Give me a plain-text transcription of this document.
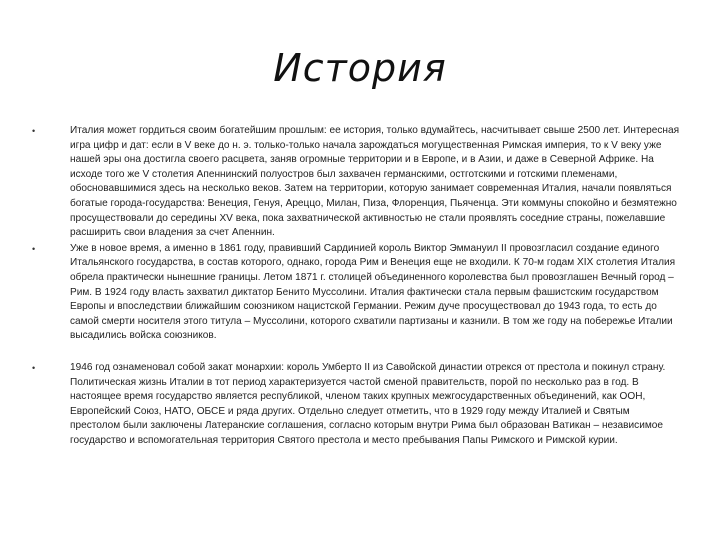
История
•	Италия может гордиться своим богатейшим прошлым: ее история, только вдумайтесь, насчитывает свыше 2500 лет. Интересная игра цифр и дат: если в V веке до н. э. только-только начала зарождаться могущественная Римская империя, то к V веку уже нашей эры она достигла своего расцвета, заняв огромные территории и в Европе, и в Азии, и даже в Северной Африке. На исходе того же V столетия Апеннинский полуостров был захвачен германскими, остготскими и готскими племенами, обосновавшимися здесь на несколько веков. Затем на территории, которую занимает современная Италия, начали появляться богатые города-государства: Венеция, Генуя, Ареццо, Милан, Пиза, Флоренция, Пьяченца. Эти коммуны спокойно и безмятежно просуществовали до середины XV века, пока захватнической активностью не стали проявлять соседние страны, пожелавшие расширить свои владения за счет Апеннин.
•	Уже в новое время, а именно в 1861 году, правивший Сардинией король Виктор Эммануил II провозгласил создание единого Итальянского государства, в состав которого, однако, города Рим и Венеция еще не входили. К 70-м годам XIX столетия Италия обрела практически нынешние границы. Летом 1871 г. столицей объединенного королевства был провозглашен Вечный город – Рим. В 1924 году власть захватил диктатор Бенито Муссолини. Италия фактически стала первым фашистским государством Европы и впоследствии ближайшим союзником нацистской Германии. Режим дуче просуществовал до 1943 года, то есть до самой смерти носителя этого титула – Муссолини, которого схватили партизаны и казнили. В том же году на побережье Италии высадились войска союзников.
•	1946 год ознаменовал собой закат монархии: король Умберто II из Савойской династии отрекся от престола и покинул страну. Политическая жизнь Италии в тот период характеризуется частой сменой правительств, порой по несколько раз в год. В настоящее время государство является республикой, членом таких крупных межгосударственных объединений, как ООН, Европейский Союз, НАТО, ОБСЕ и ряда других. Отдельно следует отметить, что в 1929 году между Италией и Святым престолом были заключены Латеранские соглашения, согласно которым внутри Рима был образован Ватикан – независимое государство и вспомогательная территория Святого престола и место пребывания Папы Римского и Римской курии.
